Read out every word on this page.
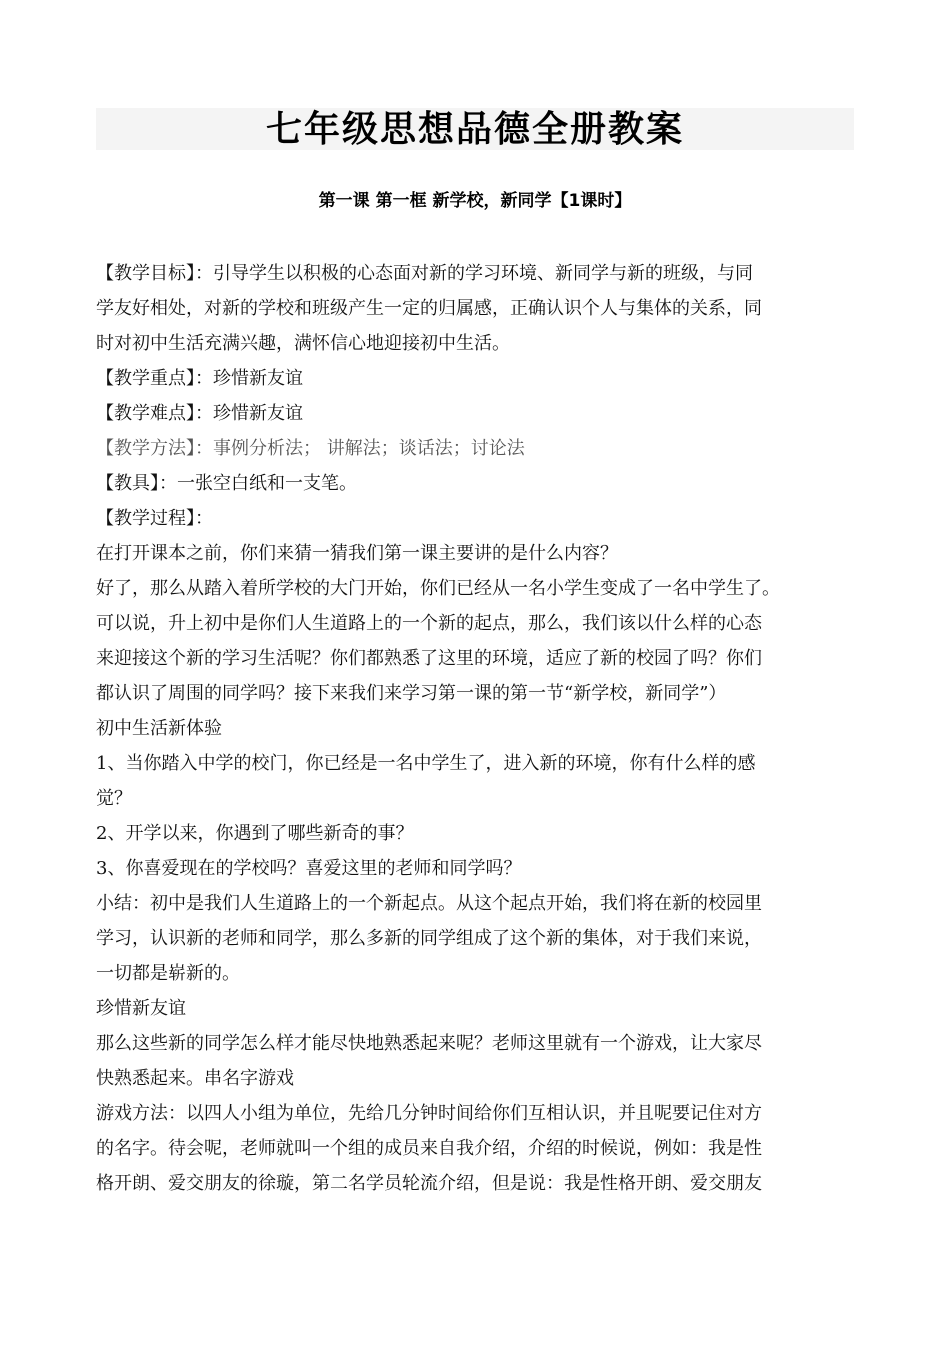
七年级思想品德全册教案
第一课 第一框 新学校，新同学【1课时】
【教学目标】：引导学生以积极的心态面对新的学习环境、新同学与新的班级，与同
学友好相处，对新的学校和班级产生一定的归属感，正确认识个人与集体的关系，同
时对初中生活充满兴趣，满怀信心地迎接初中生活。
【教学重点】：珍惜新友谊
【教学难点】：珍惜新友谊
【教学方法】：事例分析法； 讲解法；谈话法；讨论法
【教具】：一张空白纸和一支笔。
【教学过程】：
在打开课本之前，你们来猜一猜我们第一课主要讲的是什么内容？
好了，那么从踏入着所学校的大门开始，你们已经从一名小学生变成了一名中学生了。
可以说，升上初中是你们人生道路上的一个新的起点，那么，我们该以什么样的心态
来迎接这个新的学习生活呢？你们都熟悉了这里的环境，适应了新的校园了吗？你们
都认识了周围的同学吗？接下来我们来学习第一课的第一节“新学校，新同学”）
初中生活新体验
1、当你踏入中学的校门，你已经是一名中学生了，进入新的环境，你有什么样的感
觉？
2、开学以来，你遇到了哪些新奇的事？
3、你喜爱现在的学校吗？喜爱这里的老师和同学吗？
小结：初中是我们人生道路上的一个新起点。从这个起点开始，我们将在新的校园里
学习，认识新的老师和同学，那么多新的同学组成了这个新的集体，对于我们来说，
一切都是崭新的。
珍惜新友谊
那么这些新的同学怎么样才能尽快地熟悉起来呢？老师这里就有一个游戏，让大家尽
快熟悉起来。串名字游戏
游戏方法：以四人小组为单位，先给几分钟时间给你们互相认识，并且呢要记住对方
的名字。待会呢，老师就叫一个组的成员来自我介绍，介绍的时候说，例如：我是性
格开朗、爱交朋友的徐璇，第二名学员轮流介绍，但是说：我是性格开朗、爱交朋友
